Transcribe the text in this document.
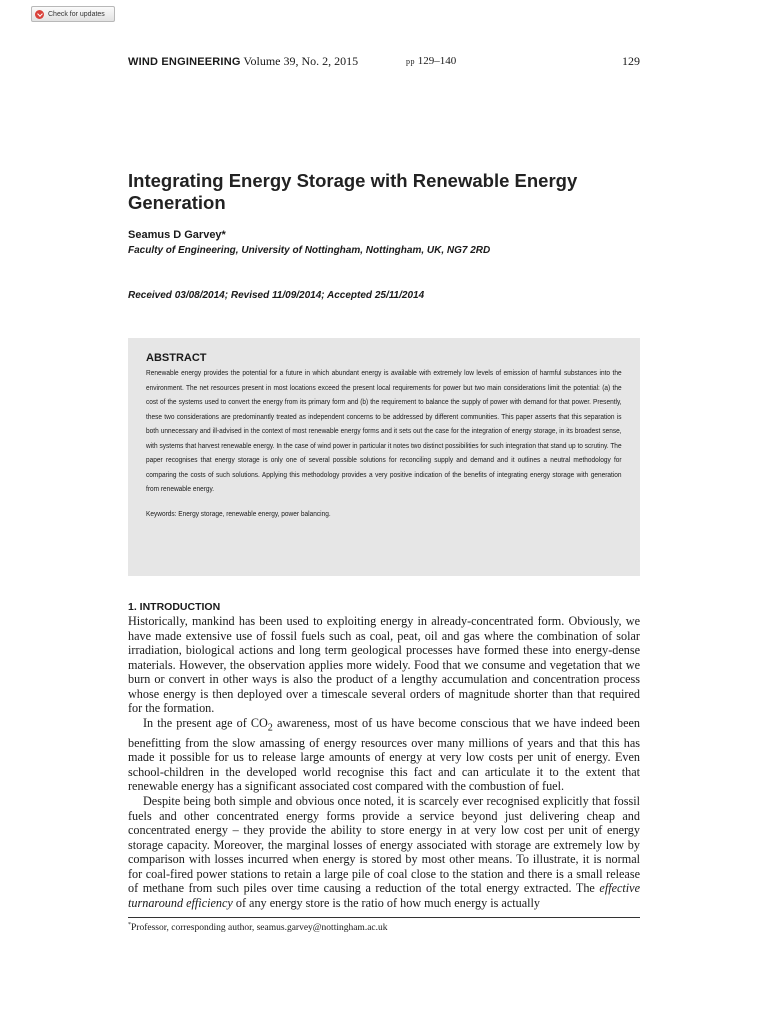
Check for updates
WIND ENGINEERING Volume 39, No. 2, 2015	pp 129–140	129
Integrating Energy Storage with Renewable Energy Generation
Seamus D Garvey*
Faculty of Engineering, University of Nottingham, Nottingham, UK, NG7 2RD
Received 03/08/2014; Revised 11/09/2014; Accepted 25/11/2014
ABSTRACT

Renewable energy provides the potential for a future in which abundant energy is available with extremely low levels of emission of harmful substances into the environment. The net resources present in most locations exceed the present local requirements for power but two main considerations limit the potential: (a) the cost of the systems used to convert the energy from its primary form and (b) the requirement to balance the supply of power with demand for that power. Presently, these two considerations are predominantly treated as independent concerns to be addressed by different communities. This paper asserts that this separation is both unnecessary and ill-advised in the context of most renewable energy forms and it sets out the case for the integration of energy storage, in its broadest sense, with systems that harvest renewable energy. In the case of wind power in particular it notes two distinct possibilities for such integration that stand up to scrutiny. The paper recognises that energy storage is only one of several possible solutions for reconciling supply and demand and it outlines a neutral methodology for comparing the costs of such solutions. Applying this methodology provides a very positive indication of the benefits of integrating energy storage with generation from renewable energy.

Keywords: Energy storage, renewable energy, power balancing.
1. INTRODUCTION

Historically, mankind has been used to exploiting energy in already-concentrated form. Obviously, we have made extensive use of fossil fuels such as coal, peat, oil and gas where the combination of solar irradiation, biological actions and long term geological processes have formed these into energy-dense materials. However, the observation applies more widely. Food that we consume and vegetation that we burn or convert in other ways is also the product of a lengthy accumulation and concentration process whose energy is then deployed over a timescale several orders of magnitude shorter than that required for the formation.

In the present age of $CO_2$ awareness, most of us have become conscious that we have indeed been benefitting from the slow amassing of energy resources over many millions of years and that this has made it possible for us to release large amounts of energy at very low costs per unit of energy. Even school-children in the developed world recognise this fact and can articulate it to the extent that renewable energy has a significant associated cost compared with the combustion of fuel.

Despite being both simple and obvious once noted, it is scarcely ever recognised explicitly that fossil fuels and other concentrated energy forms provide a service beyond just delivering cheap and concentrated energy – they provide the ability to store energy in at very low cost per unit of energy storage capacity. Moreover, the marginal losses of energy associated with storage are extremely low by comparison with losses incurred when energy is stored by most other means. To illustrate, it is normal for coal-fired power stations to retain a large pile of coal close to the station and there is a small release of methane from such piles over time causing a reduction of the total energy extracted. The effective turnaround efficiency of any energy store is the ratio of how much energy is actually

*Professor, corresponding author, seamus.garvey@nottingham.ac.uk
